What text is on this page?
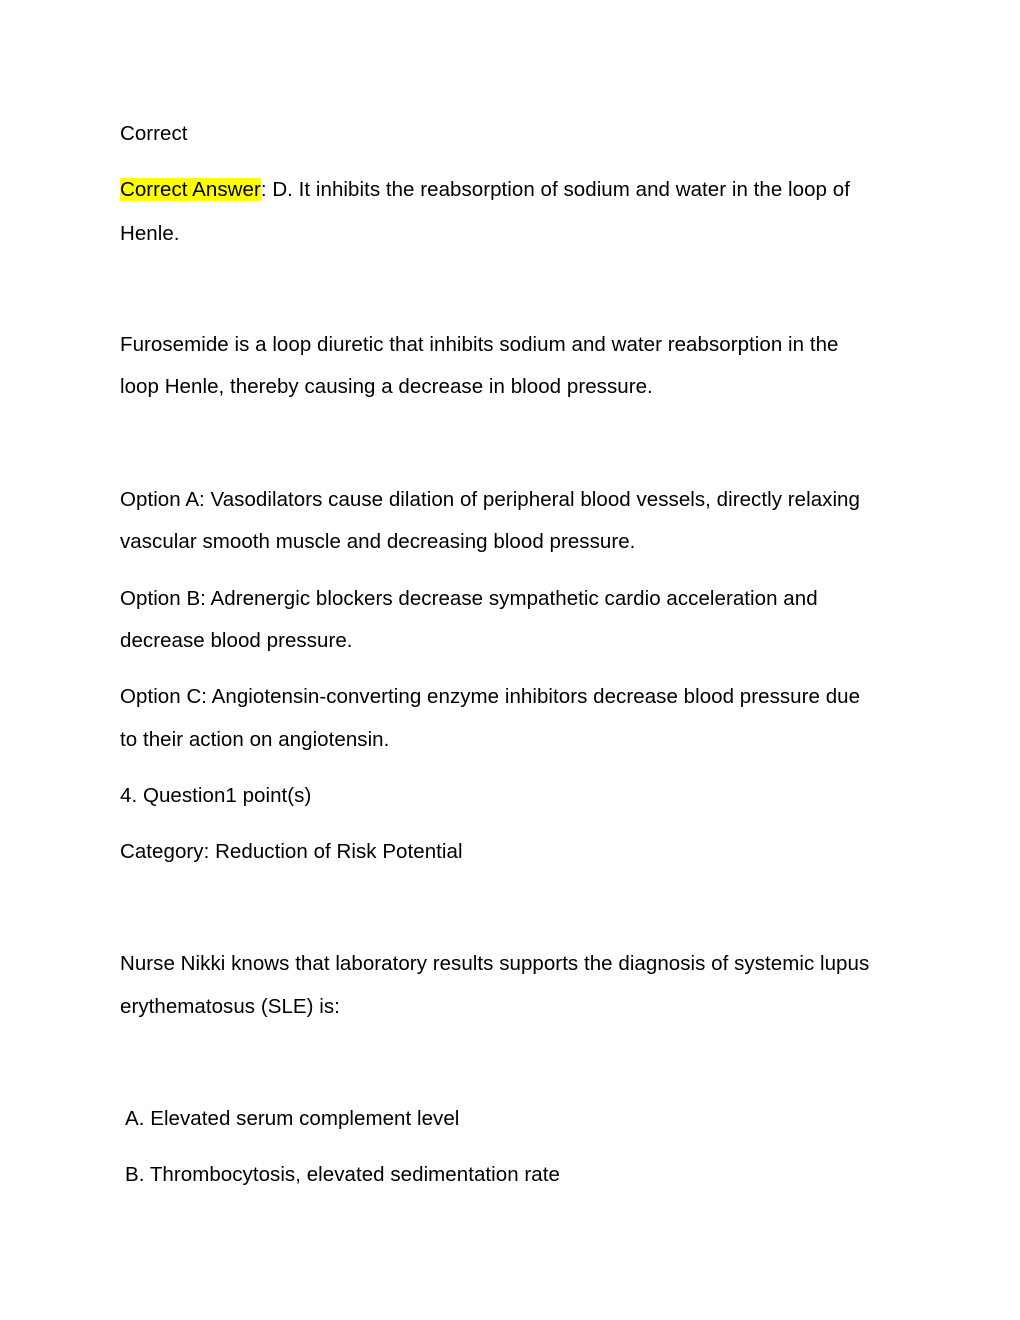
Correct
Correct Answer: D. It inhibits the reabsorption of sodium and water in the loop of
Henle.
Furosemide is a loop diuretic that inhibits sodium and water reabsorption in the
loop Henle, thereby causing a decrease in blood pressure.
Option A: Vasodilators cause dilation of peripheral blood vessels, directly relaxing
vascular smooth muscle and decreasing blood pressure.
Option B: Adrenergic blockers decrease sympathetic cardio acceleration and
decrease blood pressure.
Option C: Angiotensin-converting enzyme inhibitors decrease blood pressure due
to their action on angiotensin.
4. Question1 point(s)
Category: Reduction of Risk Potential
Nurse Nikki knows that laboratory results supports the diagnosis of systemic lupus
erythematosus (SLE) is:
A. Elevated serum complement level
B. Thrombocytosis, elevated sedimentation rate
